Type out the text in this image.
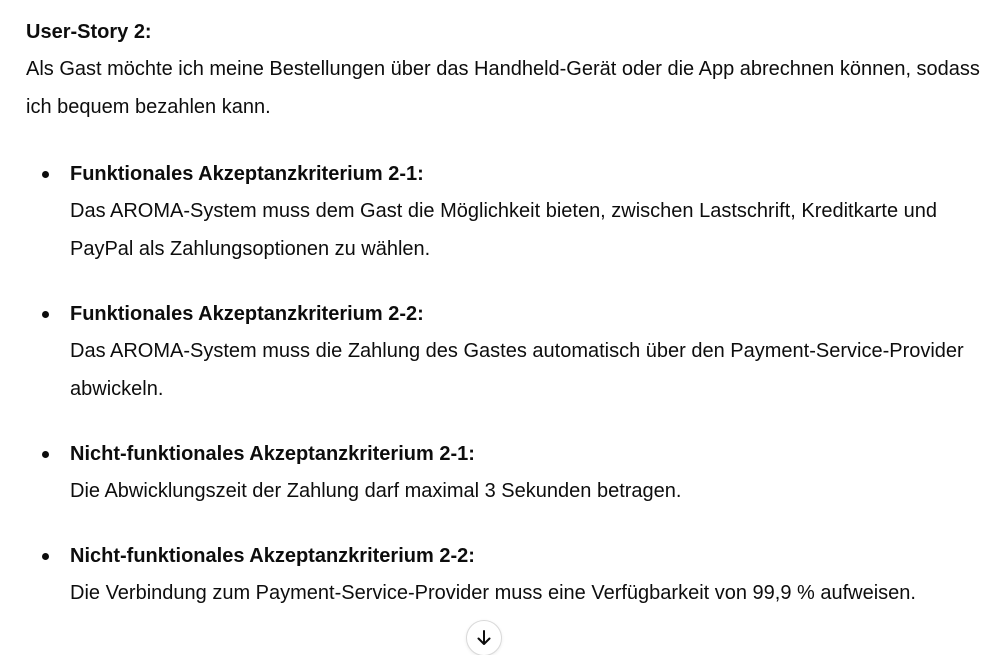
User-Story 2:

Als Gast möchte ich meine Bestellungen über das Handheld-Gerät oder die App abrechnen können, sodass ich bequem bezahlen kann.

Funktionales Akzeptanzkriterium 2-1:
Das AROMA-System muss dem Gast die Möglichkeit bieten, zwischen Lastschrift, Kreditkarte und PayPal als Zahlungsoptionen zu wählen.
Funktionales Akzeptanzkriterium 2-2:
Das AROMA-System muss die Zahlung des Gastes automatisch über den Payment-Service-Provider abwickeln.
Nicht-funktionales Akzeptanzkriterium 2-1:
Die Abwicklungszeit der Zahlung darf maximal 3 Sekunden betragen.
Nicht-funktionales Akzeptanzkriterium 2-2:
Die Verbindung zum Payment-Service-Provider muss eine Verfügbarkeit von 99,9 % aufweisen.
